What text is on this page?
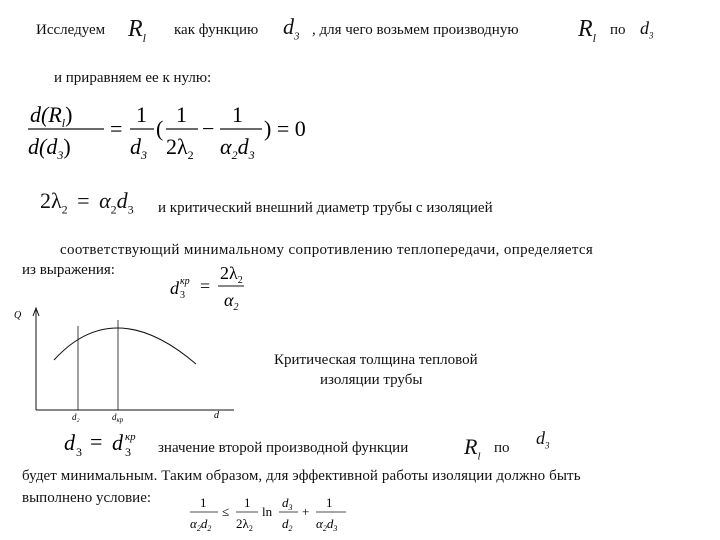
Исследуем $R_l$ как функцию $d_3$ , для чего возьмем производную $R_l$ по $d_3$
и приравняем ее к нулю:
$d(R_l)$
$d(d_3)$
=
1
$d_3$
(
1
$2\lambda_2$
−
1
$\alpha_2d_3$
) = 0
$2\lambda_2 = \alpha_2d_3$ и критический внешний диаметр трубы с изоляцией
соответствующий минимальному сопротивлению теплопередачи, определяется
из выражения:
d кр
3 =
$2\lambda_2$
$\alpha_2$
Q
d
d₂	$d_{кр}$
Критическая толщина тепловой
изоляции трубы
d 3 = d кр
3 значение второй производной функции	$R_l$
по $d_3$
будет минимальным. Таким образом, для эффективной работы изоляции должно быть
выполнено условие:	1
$\alpha_2d_2$
≤
1
$2\lambda_2$
ln
$d_3$
$d_2$
+
1
$\alpha_2d_3$
